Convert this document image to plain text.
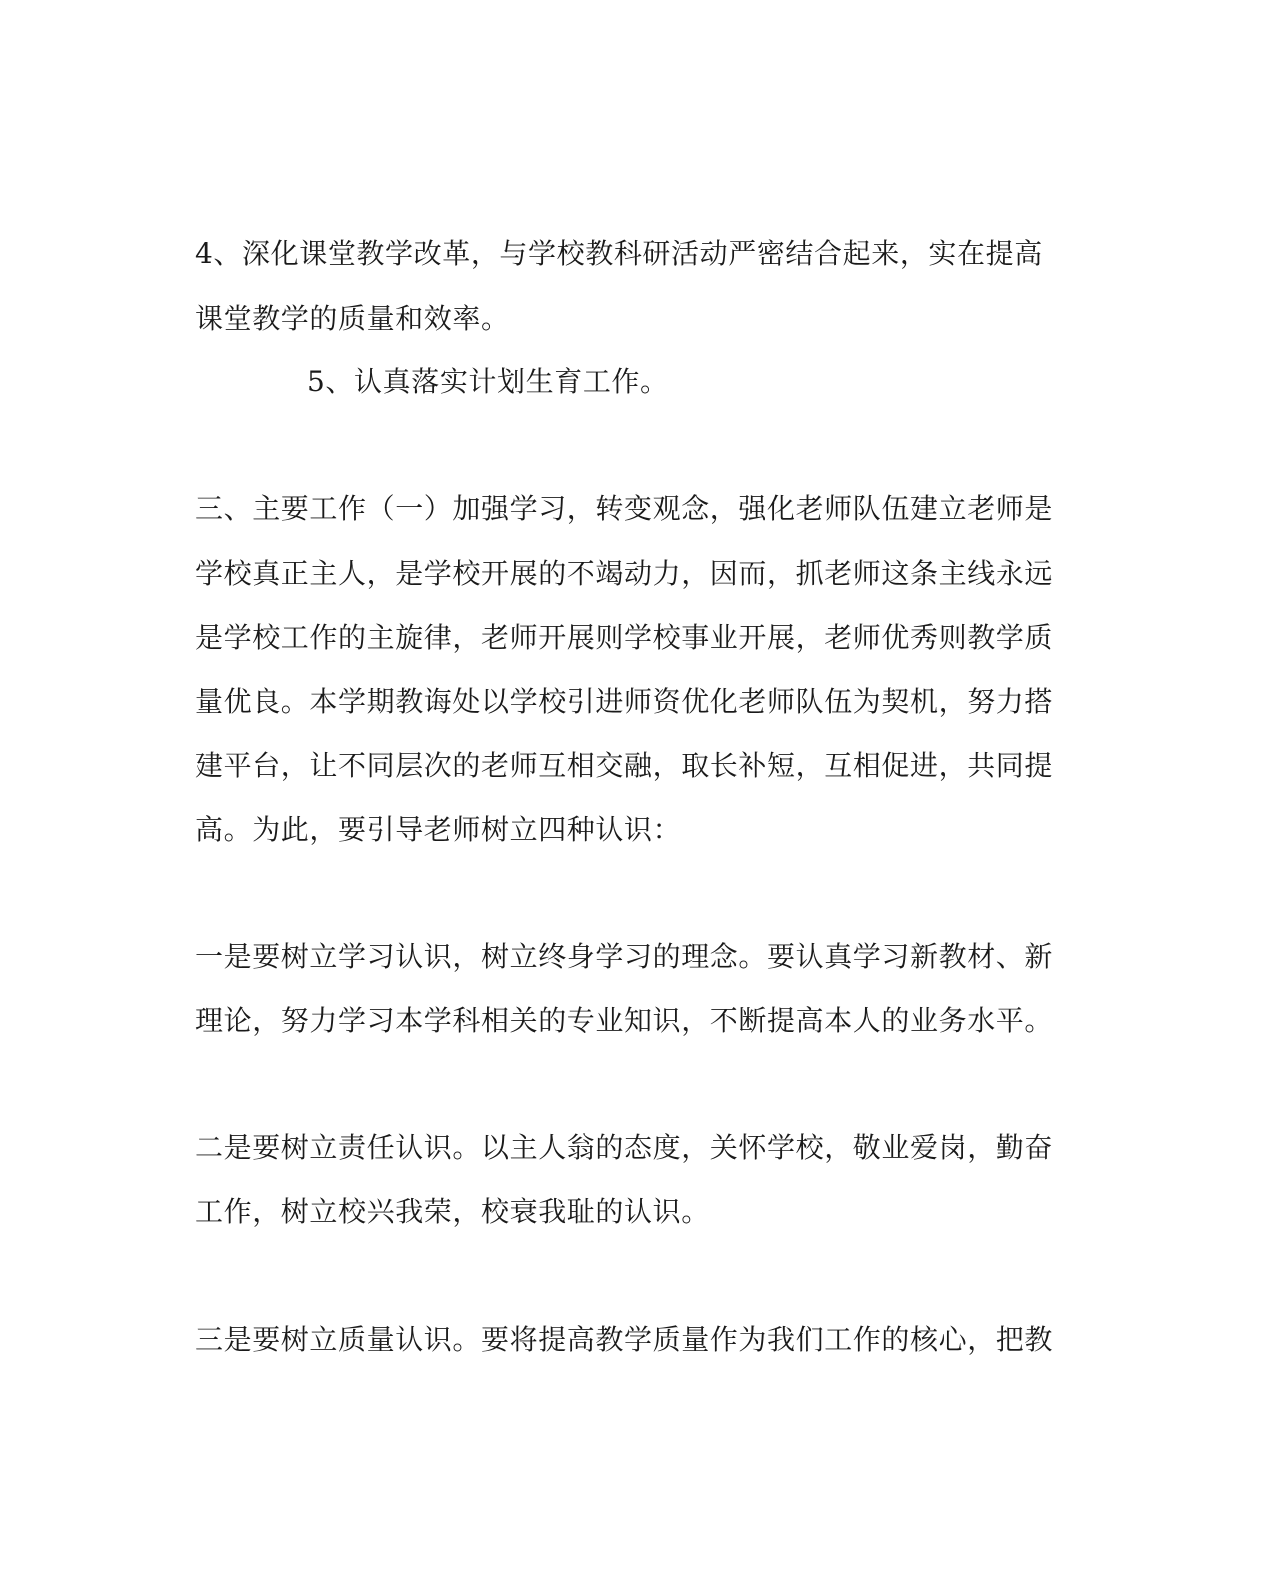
4、深化课堂教学改革，与学校教科研活动严密结合起来，实在提高
课堂教学的质量和效率。
5、认真落实计划生育工作。
三、主要工作（一）加强学习，转变观念，强化老师队伍建立老师是
学校真正主人，是学校开展的不竭动力，因而，抓老师这条主线永远
是学校工作的主旋律，老师开展则学校事业开展，老师优秀则教学质
量优良。本学期教诲处以学校引进师资优化老师队伍为契机，努力搭
建平台，让不同层次的老师互相交融，取长补短，互相促进，共同提
高。为此，要引导老师树立四种认识：
一是要树立学习认识，树立终身学习的理念。要认真学习新教材、新
理论，努力学习本学科相关的专业知识，不断提高本人的业务水平。
二是要树立责任认识。以主人翁的态度，关怀学校，敬业爱岗，勤奋
工作，树立校兴我荣，校衰我耻的认识。
三是要树立质量认识。要将提高教学质量作为我们工作的核心，把教
